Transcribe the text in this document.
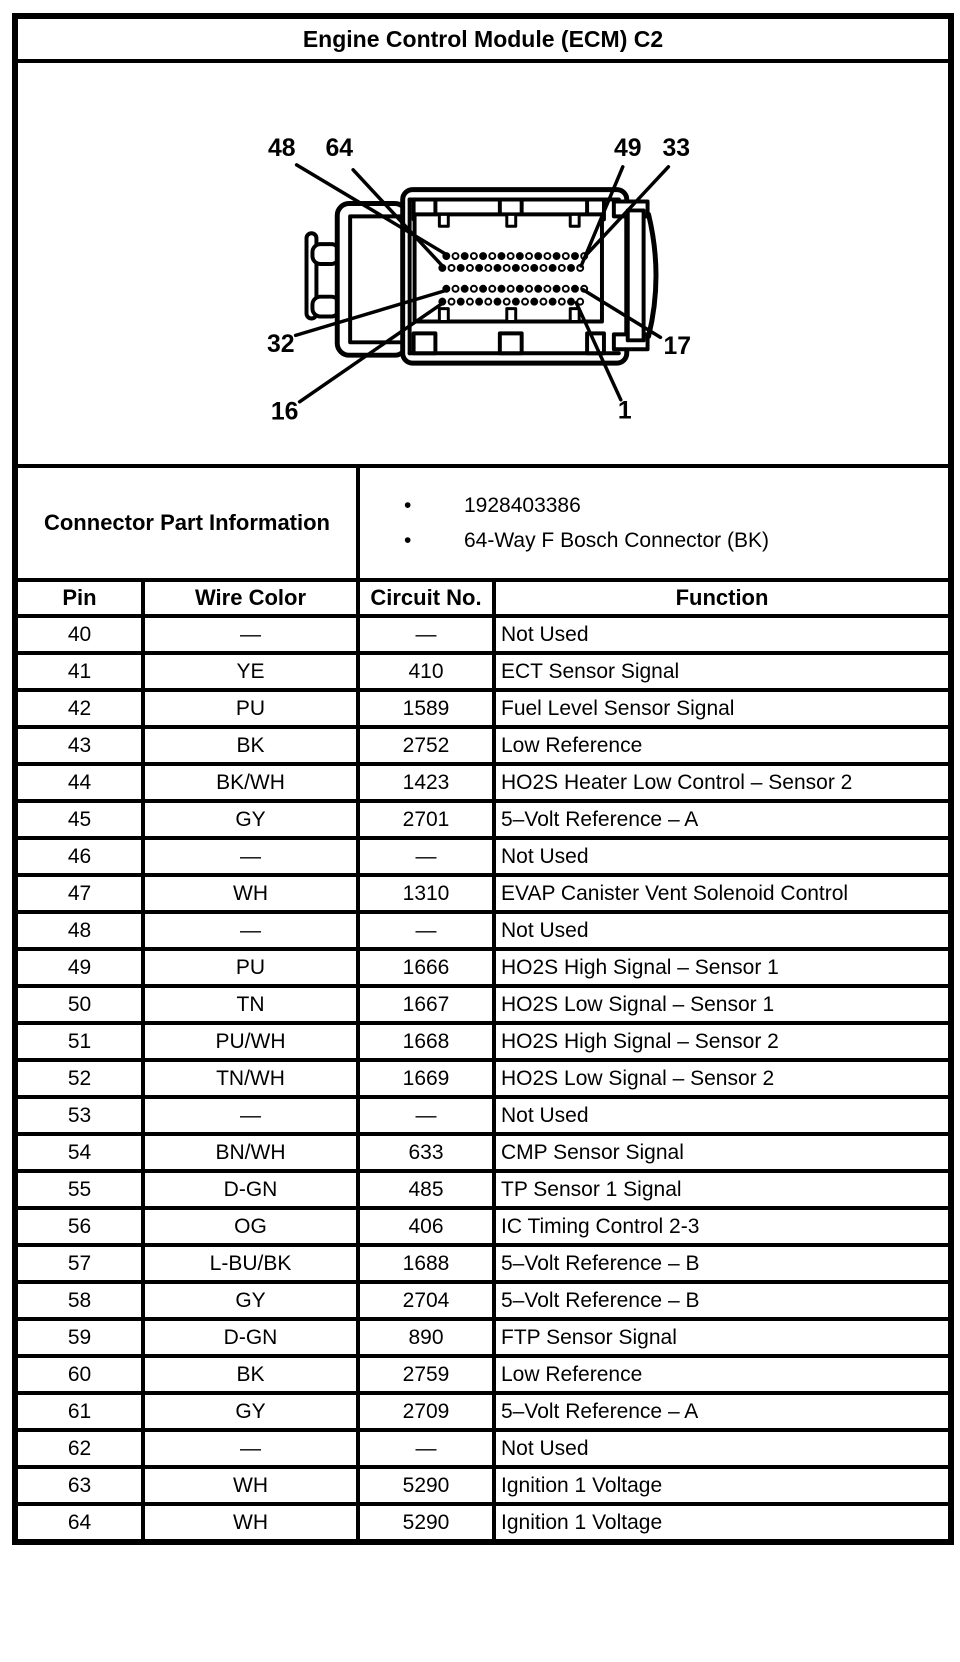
Engine Control Module (ECM) C2			

48 64	49 33
32	17
16	1

Connector Part Information		• 1928403386
• 64-Way F Bosch Connector (BK)	

Pin	Wire Color	Circuit No.	Function
40	—	—	Not Used
41	YE	410	ECT Sensor Signal
42	PU	1589	Fuel Level Sensor Signal
43	BK	2752	Low Reference
44	BK/WH	1423	HO2S Heater Low Control – Sensor 2
45	GY	2701	5–Volt Reference – A
46	—	—	Not Used
47	WH	1310	EVAP Canister Vent Solenoid Control
48	—	—	Not Used
49	PU	1666	HO2S High Signal – Sensor 1
50	TN	1667	HO2S Low Signal – Sensor 1
51	PU/WH	1668	HO2S High Signal – Sensor 2
52	TN/WH	1669	HO2S Low Signal – Sensor 2
53	—	—	Not Used
54	BN/WH	633	CMP Sensor Signal
55	D-GN	485	TP Sensor 1 Signal
56	OG	406	IC Timing Control 2-3
57	L-BU/BK	1688	5–Volt Reference – B
58	GY	2704	5–Volt Reference – B
59	D-GN	890	FTP Sensor Signal
60	BK	2759	Low Reference
61	GY	2709	5–Volt Reference – A
62	—	—	Not Used
63	WH	5290	Ignition 1 Voltage
64	WH	5290	Ignition 1 Voltage
